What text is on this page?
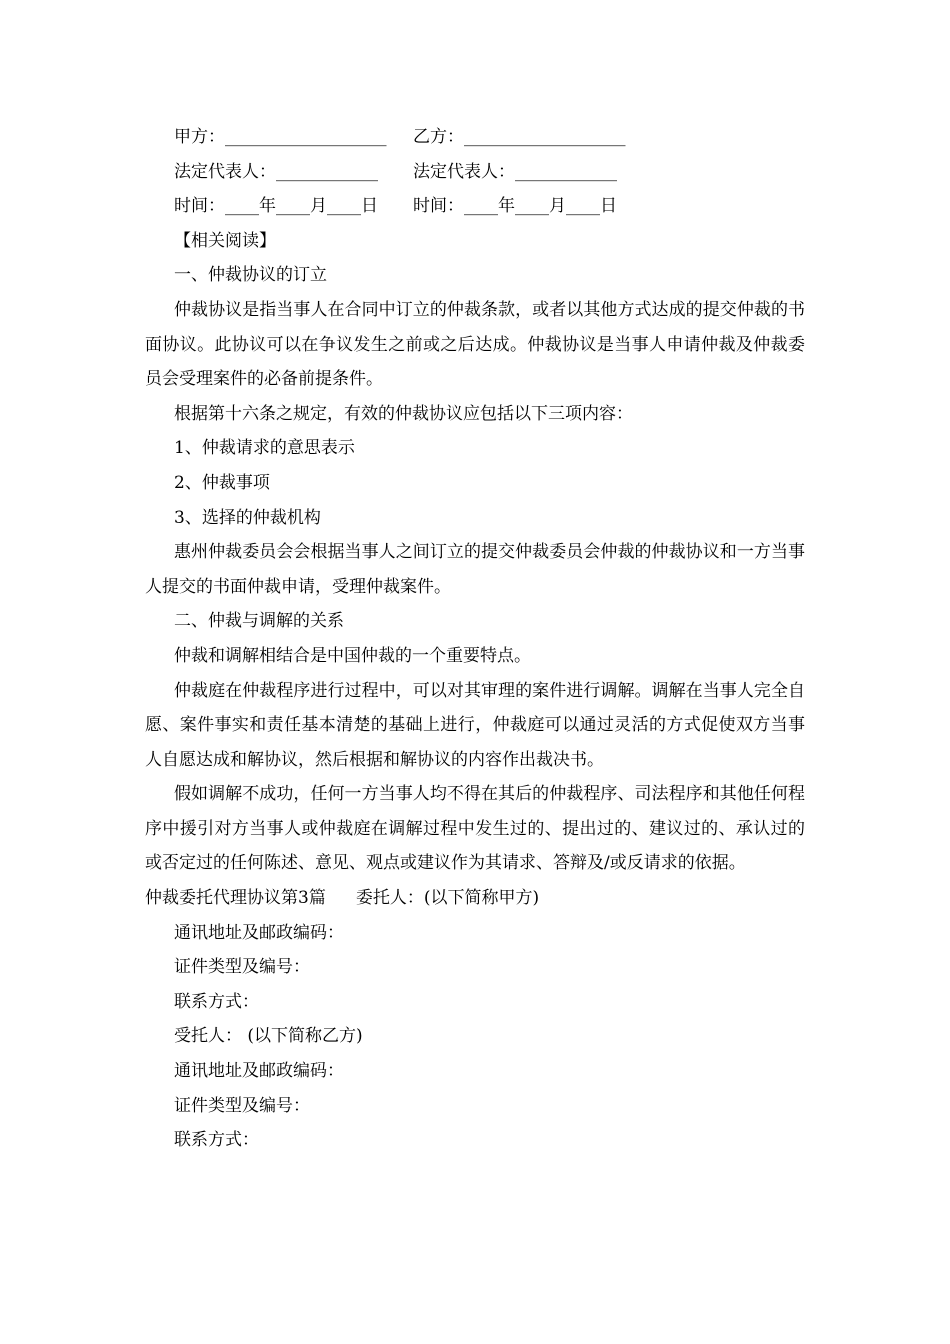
甲方：___________________	乙方：___________________
法定代表人：____________	法定代表人：____________
时间：____年____月____日	时间：____年____月____日
【相关阅读】
一、仲裁协议的订立
仲裁协议是指当事人在合同中订立的仲裁条款，或者以其他方式达成的提交仲裁的书面协议。此协议可以在争议发生之前或之后达成。仲裁协议是当事人申请仲裁及仲裁委员会受理案件的必备前提条件。
根据第十六条之规定，有效的仲裁协议应包括以下三项内容：
1、仲裁请求的意思表示
2、仲裁事项
3、选择的仲裁机构
惠州仲裁委员会会根据当事人之间订立的提交仲裁委员会仲裁的仲裁协议和一方当事人提交的书面仲裁申请，受理仲裁案件。
二、仲裁与调解的关系
仲裁和调解相结合是中国仲裁的一个重要特点。
仲裁庭在仲裁程序进行过程中，可以对其审理的案件进行调解。调解在当事人完全自愿、案件事实和责任基本清楚的基础上进行，仲裁庭可以通过灵活的方式促使双方当事人自愿达成和解协议，然后根据和解协议的内容作出裁决书。
假如调解不成功，任何一方当事人均不得在其后的仲裁程序、司法程序和其他任何程序中援引对方当事人或仲裁庭在调解过程中发生过的、提出过的、建议过的、承认过的或否定过的任何陈述、意见、观点或建议作为其请求、答辩及/或反请求的依据。
仲裁委托代理协议第3篇 委托人：(以下简称甲方)
通讯地址及邮政编码：
证件类型及编号：
联系方式：
受托人： (以下简称乙方)
通讯地址及邮政编码：
证件类型及编号：
联系方式：
